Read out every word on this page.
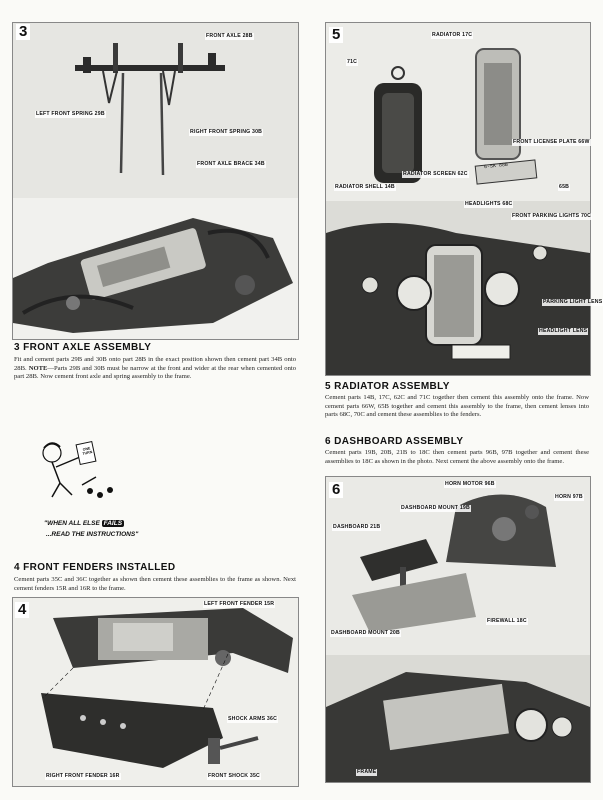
FRONT AXLE 28B
LEFT FRONT SPRING 29B
RIGHT FRONT SPRING 30B
FRONT AXLE BRACE 34B
3
3 FRONT AXLE ASSEMBLY
Fit and cement parts 29B and 30B onto part 28B in the exact position shown then cement part 34B onto 28B. NOTE—Parts 29B and 30B must be narrow at the front and wider at the rear when cemented onto part 28B. Now cement front axle and spring assembly to the frame.
ONE TURN
"WHEN ALL ELSE FAILS
...READ THE INSTRUCTIONS"
4 FRONT FENDERS INSTALLED
Cement parts 35C and 36C together as shown then cement these assemblies to the frame as shown. Next cement fenders 15R and 16R to the frame.
4	LEFT FRONT FENDER 15R
SHOCK ARMS 36C
RIGHT FRONT FENDER 16R	FRONT SHOCK 35C
5	RADIATOR 17C
71C
FRONT LICENSE PLATE 66W
RADIATOR SCREEN 62C
6-SK 88B
RADIATOR SHELL 14B	65B
HEADLIGHTS 68C
FRONT PARKING LIGHTS 70C
PARKING LIGHT LENS
HEADLIGHT LENS
5 RADIATOR ASSEMBLY
Cement parts 14B, 17C, 62C and 71C together then cement this assembly onto the frame. Now cement parts 66W, 65B together and cement this assembly to the frame, then cement lenses into parts 68C, 70C and cement these assemblies to the fenders.
6 DASHBOARD ASSEMBLY
Cement parts 19B, 20B, 21B to 18C then cement parts 96B, 97B together and cement these assemblies to 18C as shown in the photo. Next cement the above assembly onto the frame.
6	HORN MOTOR 96B
HORN 97B
DASHBOARD MOUNT 19B
DASHBOARD 21B
FIREWALL 18C
DASHBOARD MOUNT 20B
FRAME
